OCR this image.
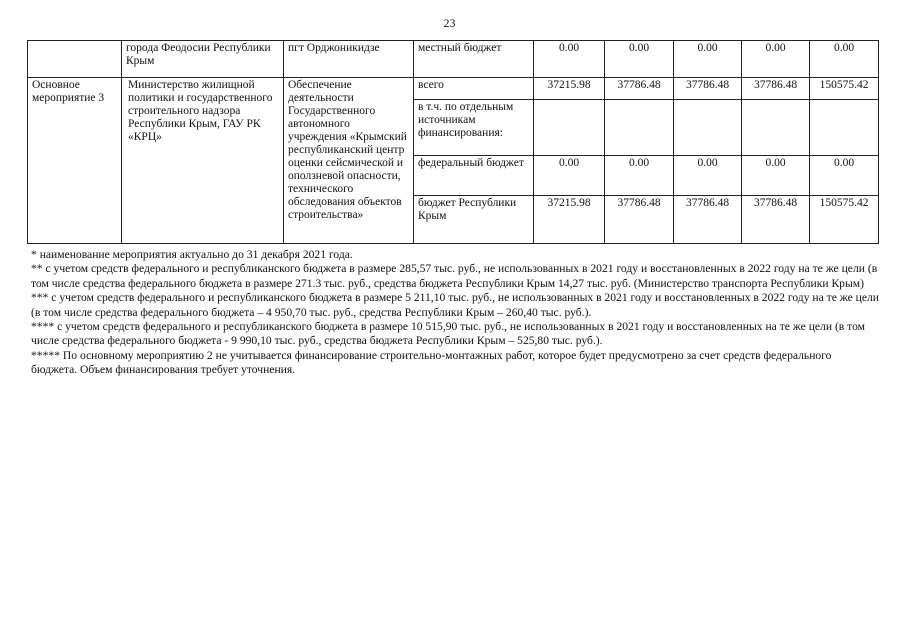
23
	города Феодосии Республики Крым	пгт Орджоникидзе	местный бюджет	0.00	0.00	0.00	0.00	0.00
Основное мероприятие 3	Министерство жилищной политики и государственного строительного надзора Республики Крым, ГАУ РК «КРЦ»	Обеспечение деятельности Государственного автономного учреждения «Крымский республиканский центр оценки сейсмической и оползневой опасности, технического обследования объектов строительства»	всего	37215.98	37786.48	37786.48	37786.48	150575.42
			в т.ч. по отдельным источникам финансирования:					
			федеральный бюджет	0.00	0.00	0.00	0.00	0.00
			бюджет Республики Крым	37215.98	37786.48	37786.48	37786.48	150575.42

* наименование мероприятия актуально до 31 декабря 2021 года.

** с учетом средств федерального и республиканского бюджета в размере 285,57 тыс. руб., не использованных в 2021 году и восстановленных в 2022 году на те же цели (в том числе средства федерального бюджета в размере 271.3 тыс. руб., средства бюджета Республики Крым 14,27 тыс. руб. (Министерство транспорта Республики Крым)

*** с учетом средств федерального и республиканского бюджета в размере 5 211,10 тыс. руб., не использованных в 2021 году и восстановленных в 2022 году на те же цели (в том числе средства федерального бюджета – 4 950,70 тыс. руб., средства Республики Крым – 260,40 тыс. руб.).

**** с учетом средств федерального и республиканского бюджета в размере 10 515,90 тыс. руб., не использованных в 2021 году и восстановленных на те же цели (в том числе средства федерального бюджета - 9 990,10 тыс. руб., средства бюджета Республики Крым – 525,80 тыс. руб.).

***** По основному мероприятию 2 не учитывается финансирование строительно-монтажных работ, которое будет предусмотрено за счет средств федерального бюджета. Объем финансирования требует уточнения.
